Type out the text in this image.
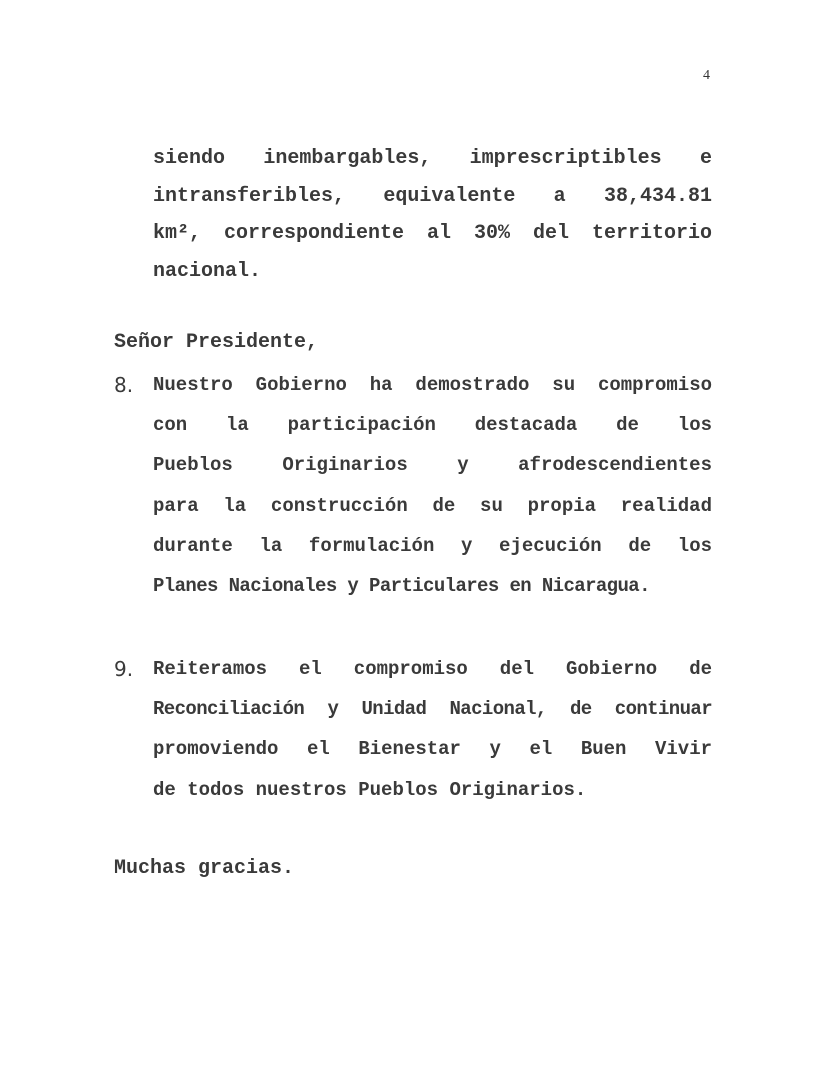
4
siendo inembargables, imprescriptibles e
intransferibles, equivalente a 38,434.81
km², correspondiente al 30% del territorio
nacional.
Señor Presidente,
8. Nuestro Gobierno ha demostrado su compromiso
con la participación destacada de los
Pueblos Originarios y afrodescendientes
para la construcción de su propia realidad
durante la formulación y ejecución de los
Planes Nacionales y Particulares en Nicaragua.
9. Reiteramos el compromiso del Gobierno de
Reconciliación y Unidad Nacional, de continuar
promoviendo el Bienestar y el Buen Vivir
de todos nuestros Pueblos Originarios.
Muchas gracias.
